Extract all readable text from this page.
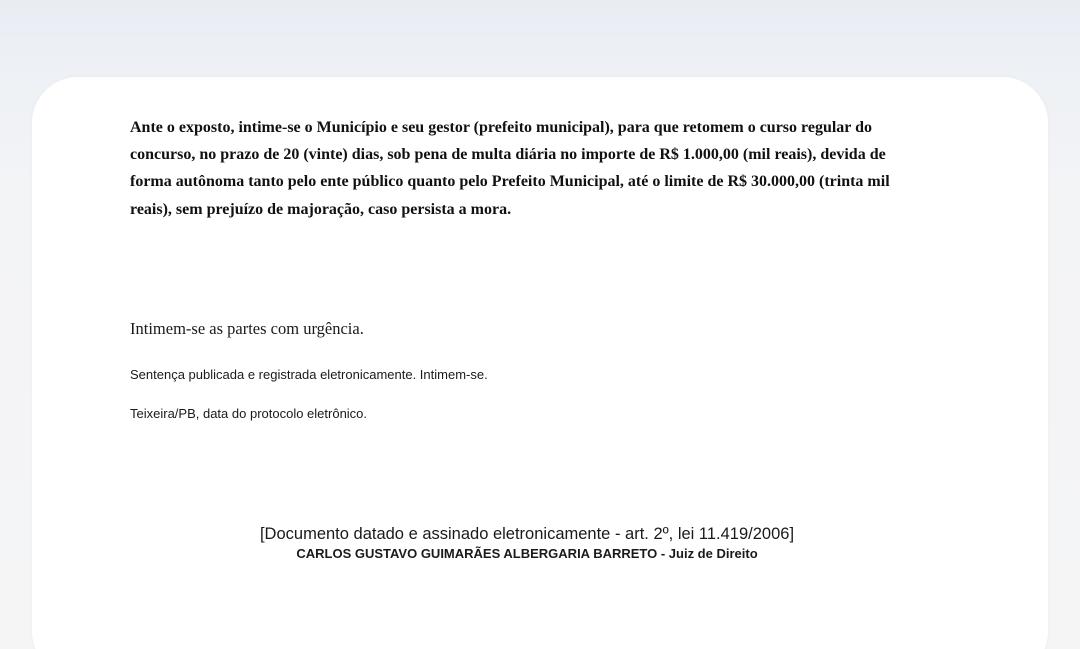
Ante o exposto, intime-se o Município e seu gestor (prefeito municipal), para que retomem o curso regular do concurso, no prazo de 20 (vinte) dias, sob pena de multa diária no importe de R$ 1.000,00 (mil reais), devida de forma autônoma tanto pelo ente público quanto pelo Prefeito Municipal, até o limite de R$ 30.000,00 (trinta mil reais), sem prejuízo de majoração, caso persista a mora.

Intimem-se as partes com urgência.

Sentença publicada e registrada eletronicamente. Intimem-se.

Teixeira/PB, data do protocolo eletrônico.

[Documento datado e assinado eletronicamente - art. 2º, lei 11.419/2006]

CARLOS GUSTAVO GUIMARÃES ALBERGARIA BARRETO - Juiz de Direito
